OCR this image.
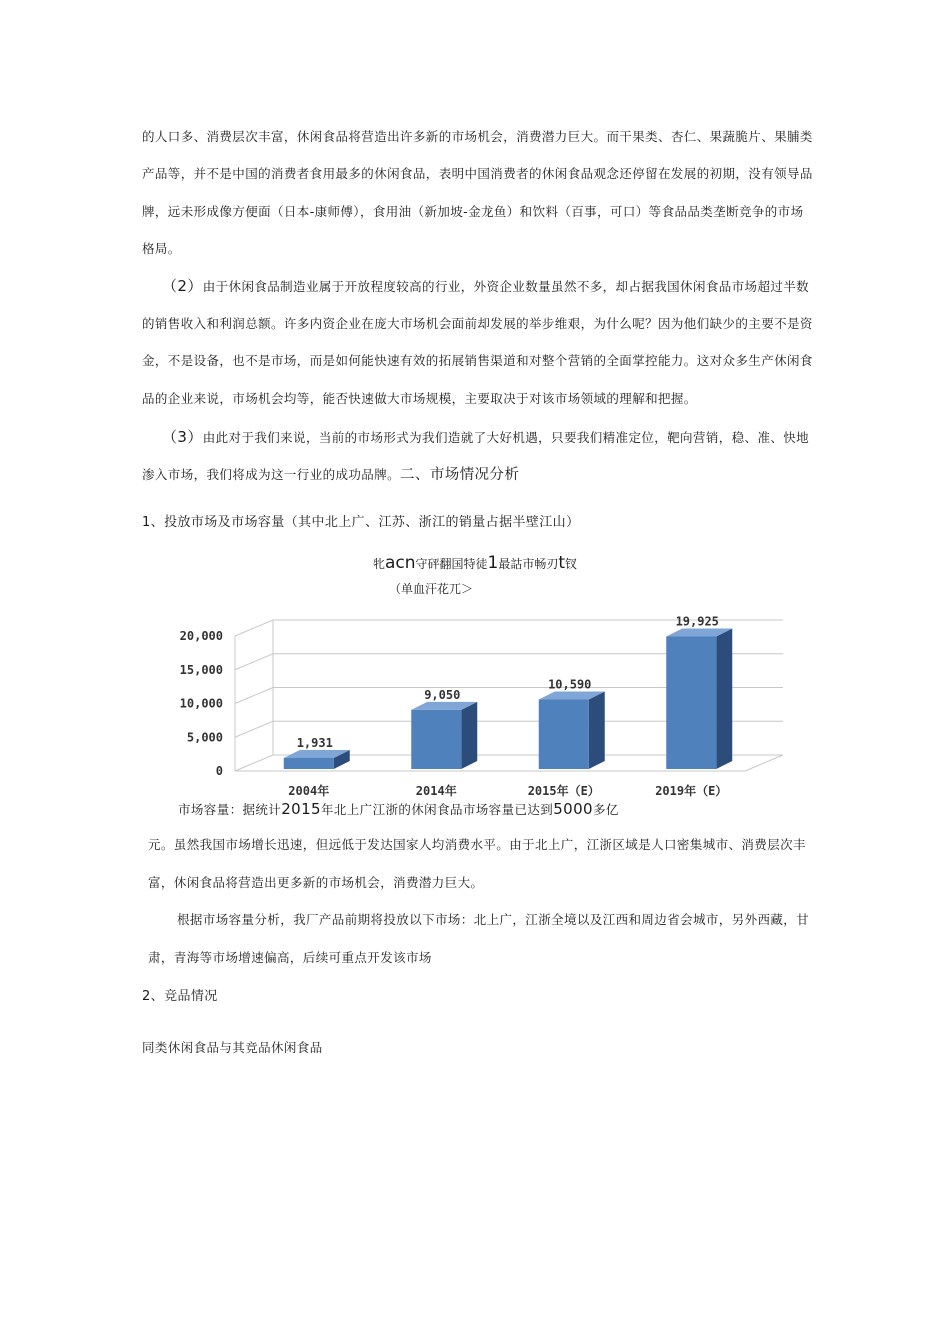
的人口多、消费层次丰富，休闲食品将营造出许多新的市场机会，消费潜力巨大。而干果类、杏仁、果蔬脆片、果脯类
产品等，并不是中国的消费者食用最多的休闲食品，表明中国消费者的休闲食品观念还停留在发展的初期，没有领导品
牌，远未形成像方便面（日本-康师傅），食用油（新加坡-金龙鱼）和饮料（百事，可口）等食品品类垄断竞争的市场
格局。
（2）由于休闲食品制造业属于开放程度较高的行业，外资企业数量虽然不多，却占据我国休闲食品市场超过半数
的销售收入和利润总额。许多内资企业在庞大市场机会面前却发展的举步维艰，为什么呢？因为他们缺少的主要不是资
金，不是设备，也不是市场，而是如何能快速有效的拓展销售渠道和对整个营销的全面掌控能力。这对众多生产休闲食
品的企业来说，市场机会均等，能否快速做大市场规模，主要取决于对该市场领域的理解和把握。
（3）由此对于我们来说，当前的市场形式为我们造就了大好机遇，只要我们精准定位，靶向营销，稳、准、快地
渗入市场，我们将成为这一行业的成功品牌。二、市场情况分析
1、投放市场及市场容量（其中北上广、江苏、浙江的销量占据半壁江山）
牝acn守砰翻国特徒1最詁市畅刃t钗
（单血汗花兀＞
0
5,000
10,000
15,000
20,000
1,931
2004年
9,050
2014年
10,590
2015年（E）
19,925
2019年（E）
市场容量：据统计2015年北上广江浙的休闲食品市场容量已达到5000多亿
元。虽然我国市场增长迅速，但远低于发达国家人均消费水平。由于北上广，江浙区域是人口密集城市、消费层次丰
富，休闲食品将营造出更多新的市场机会，消费潜力巨大。
根据市场容量分析，我厂产品前期将投放以下市场：北上广，江浙全境以及江西和周边省会城市，另外西藏，甘
肃，青海等市场增速偏高，后续可重点开发该市场
2、竞品情况
同类休闲食品与其竞品休闲食品
